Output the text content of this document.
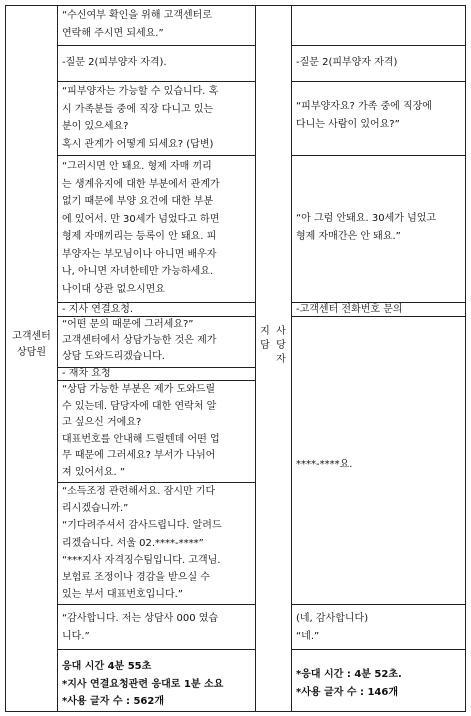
고객센터
상담원
지
담
사
당
자

“수신여부 확인을 위해 고객센터로

연락해 주시면 되세요.”

-질문 2(피부양자 자격).

“피부양자는 가능할 수 있습니다. 혹

시 가족분들 중에 직장 다니고 있는

분이 있으세요?

혹시 관계가 어떻게 되세요? (답변)

“그러시면 안 돼요. 형제 자매 끼리

는 생계유지에 대한 부분에서 관계가

없기 때문에 부양 요건에 대한 부분

에 있어서. 만 30세가 넘었다고 하면

형제 자매끼리는 등록이 안 돼요. 피

부양자는 부모님이나 아니면 배우자

나, 아니면 자녀한테만 가능하세요.

나이대 상관 없으시면요

- 지사 연결요청.

“어떤 문의 때문에 그러세요?”

고객센터에서 상담가능한 것은 제가

상담 도와드리겠습니다.

- 재차 요청

“상담 가능한 부분은 제가 도와드릴

수 있는데. 담당자에 대한 연락처 알

고 싶으신 거에요?

대표번호를 안내해 드릴텐데 어떤 업

무 때문에 그러세요? 부서가 나뉘어

져 있어서요. ”

“소득조정 관련해서요. 잠시만 기다

리시겠습니까.”

“기다려주셔서 감사드립니다. 알려드

리겠습니다. 서울 02.****-****”

“***지사 자격징수팀입니다. 고객님.

보험료 조정이나 경감을 받으실 수

있는 부서 대표번호입니다.”

“감사합니다. 저는 상담사 000 였습

니다.”

응대 시간 4분 55초

*지사 연결요청관련 응대로 1분 소요

*사용 글자 수 : 562개

-질문 2(피부양자 자격)

“피부양자요? 가족 중에 직장에

다니는 사람이 있어요?”

“아 그럼 안돼요. 30세가 넘었고

형제 자매간은 안 돼요.”

-고객센터 전화번호 문의

****-****요.

(네, 감사합니다)

“네.”

*응대 시간 : 4분 52초.

*사용 글자 수 : 146개
